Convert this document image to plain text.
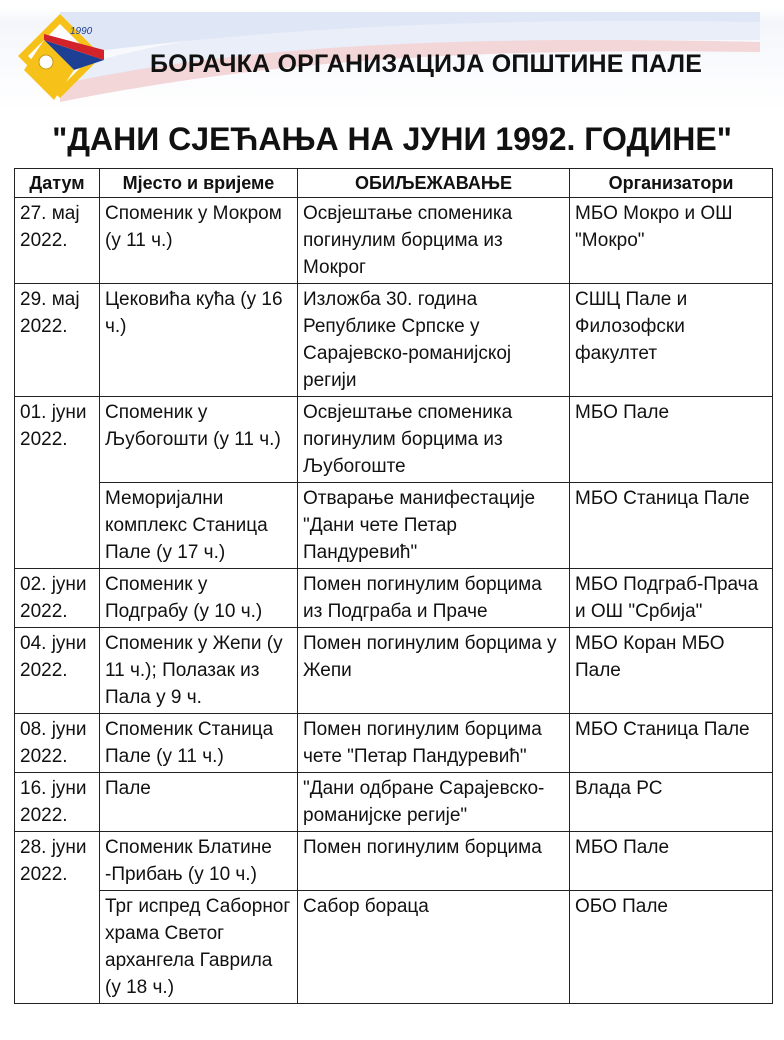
1990
БОРАЧКА ОРГАНИЗАЦИЈА ОПШТИНЕ ПАЛЕ
"ДАНИ СЈЕЋАЊА НА ЈУНИ 1992. ГОДИНЕ"
Датум	Мјесто и вријеме	ОБИЉЕЖАВАЊЕ	Организатори
27. мај 2022.	Споменик у Мокром (у 11 ч.)	Освјештање споменика погинулим борцима из Мокрог	МБО Мокро и ОШ "Мокро"
29. мај 2022.	Цековића кућа (у 16 ч.)	Изложба 30. година Републике Српске у Сарајевско-романијској регији	СШЦ Пале и Филозофски факултет
01. јуни 2022.	Споменик у Љубогошти (у 11 ч.)	Освјештање споменика погинулим борцима из Љубогоште	МБО Пале
	Меморијални комплекс Станица Пале (у 17 ч.)	Отварање манифестације "Дани чете Петар Пандуревић"	МБО Станица Пале
02. јуни 2022.	Споменик у Подграбу (у 10 ч.)	Помен погинулим борцима из Подграба и Праче	МБО Подграб-Прача и ОШ "Србија"
04. јуни 2022.	Споменик у Жепи (у 11 ч.); Полазак из Пала у 9 ч.	Помен погинулим борцима у Жепи	МБО Коран МБО Пале
08. јуни 2022.	Споменик Станица Пале (у 11 ч.)	Помен погинулим борцима чете "Петар Пандуревић"	МБО Станица Пале
16. јуни 2022.	Пале	"Дани одбране Сарајевско- романијске регије"	Влада РС
28. јуни 2022.	Споменик Блатине -Прибањ (у 10 ч.)	Помен погинулим борцима	МБО Пале
	Трг испред Саборног храма Светог архангела Гаврила (у 18 ч.)	Сабор бораца	ОБО Пале
